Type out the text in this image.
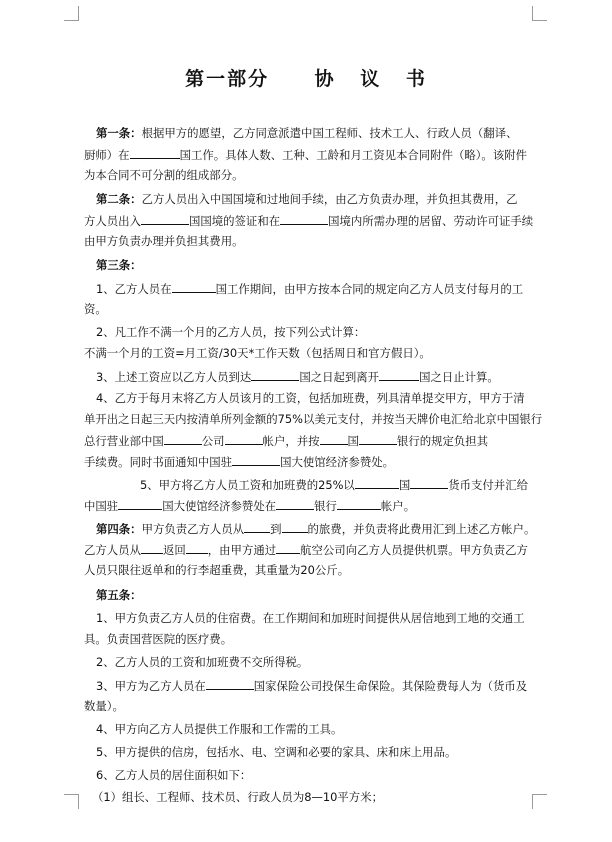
第一部分　 协 议 书
第一条：根据甲方的愿望，乙方同意派遣中国工程师、技术工人、行政人员（翻译、
厨师）在	国工作。具体人数、工种、工龄和月工资见本合同附件（略）。该附件
为本合同不可分割的组成部分。
第二条：乙方人员出入中国国境和过地间手续，由乙方负责办理，并负担其费用，乙
方人员出入	国国境的签证和在	国境内所需办理的居留、劳动许可证手续
由甲方负责办理并负担其费用。
第三条：
1、乙方人员在	国工作期间，由甲方按本合同的规定向乙方人员支付每月的工
资。
2、凡工作不满一个月的乙方人员，按下列公式计算：
不满一个月的工资=月工资/30天*工作天数（包括周日和官方假日）。
3、上述工资应以乙方人员到达	国之日起到离开	国之日止计算。
4、乙方于每月末将乙方人员该月的工资，包括加班费，列具清单提交甲方，甲方于清
单开出之日起三天内按清单所列金额的75%以美元支付，并按当天牌价电汇给北京中国银行
总行营业部中国	公司	帐户，并按 国	银行的规定负担其
手续费。同时书面通知中国驻	国大使馆经济参赞处。
5、甲方将乙方人员工资和加班费的25%以	国	货币支付并汇给
中国驻	国大使馆经济参赞处在	银行	帐户。
第四条：甲方负责乙方人员从 到 的旅费，并负责将此费用汇到上述乙方帐户。
乙方人员从 返回 ，由甲方通过 航空公司向乙方人员提供机票。甲方负责乙方
人员只限往返单和的行李超重费，其重量为20公斤。
第五条：
1、甲方负责乙方人员的住宿费。在工作期间和加班时间提供从居信地到工地的交通工
具。负责国营医院的医疗费。
2、乙方人员的工资和加班费不交所得税。
3、甲方为乙方人员在	国家保险公司投保生命保险。其保险费每人为（货币及
数量）。
4、甲方向乙方人员提供工作服和工作需的工具。
5、甲方提供的信房，包括水、电、空调和必要的家具、床和床上用品。
6、乙方人员的居住面积如下：
（1）组长、工程师、技术员、行政人员为8—10平方米；
